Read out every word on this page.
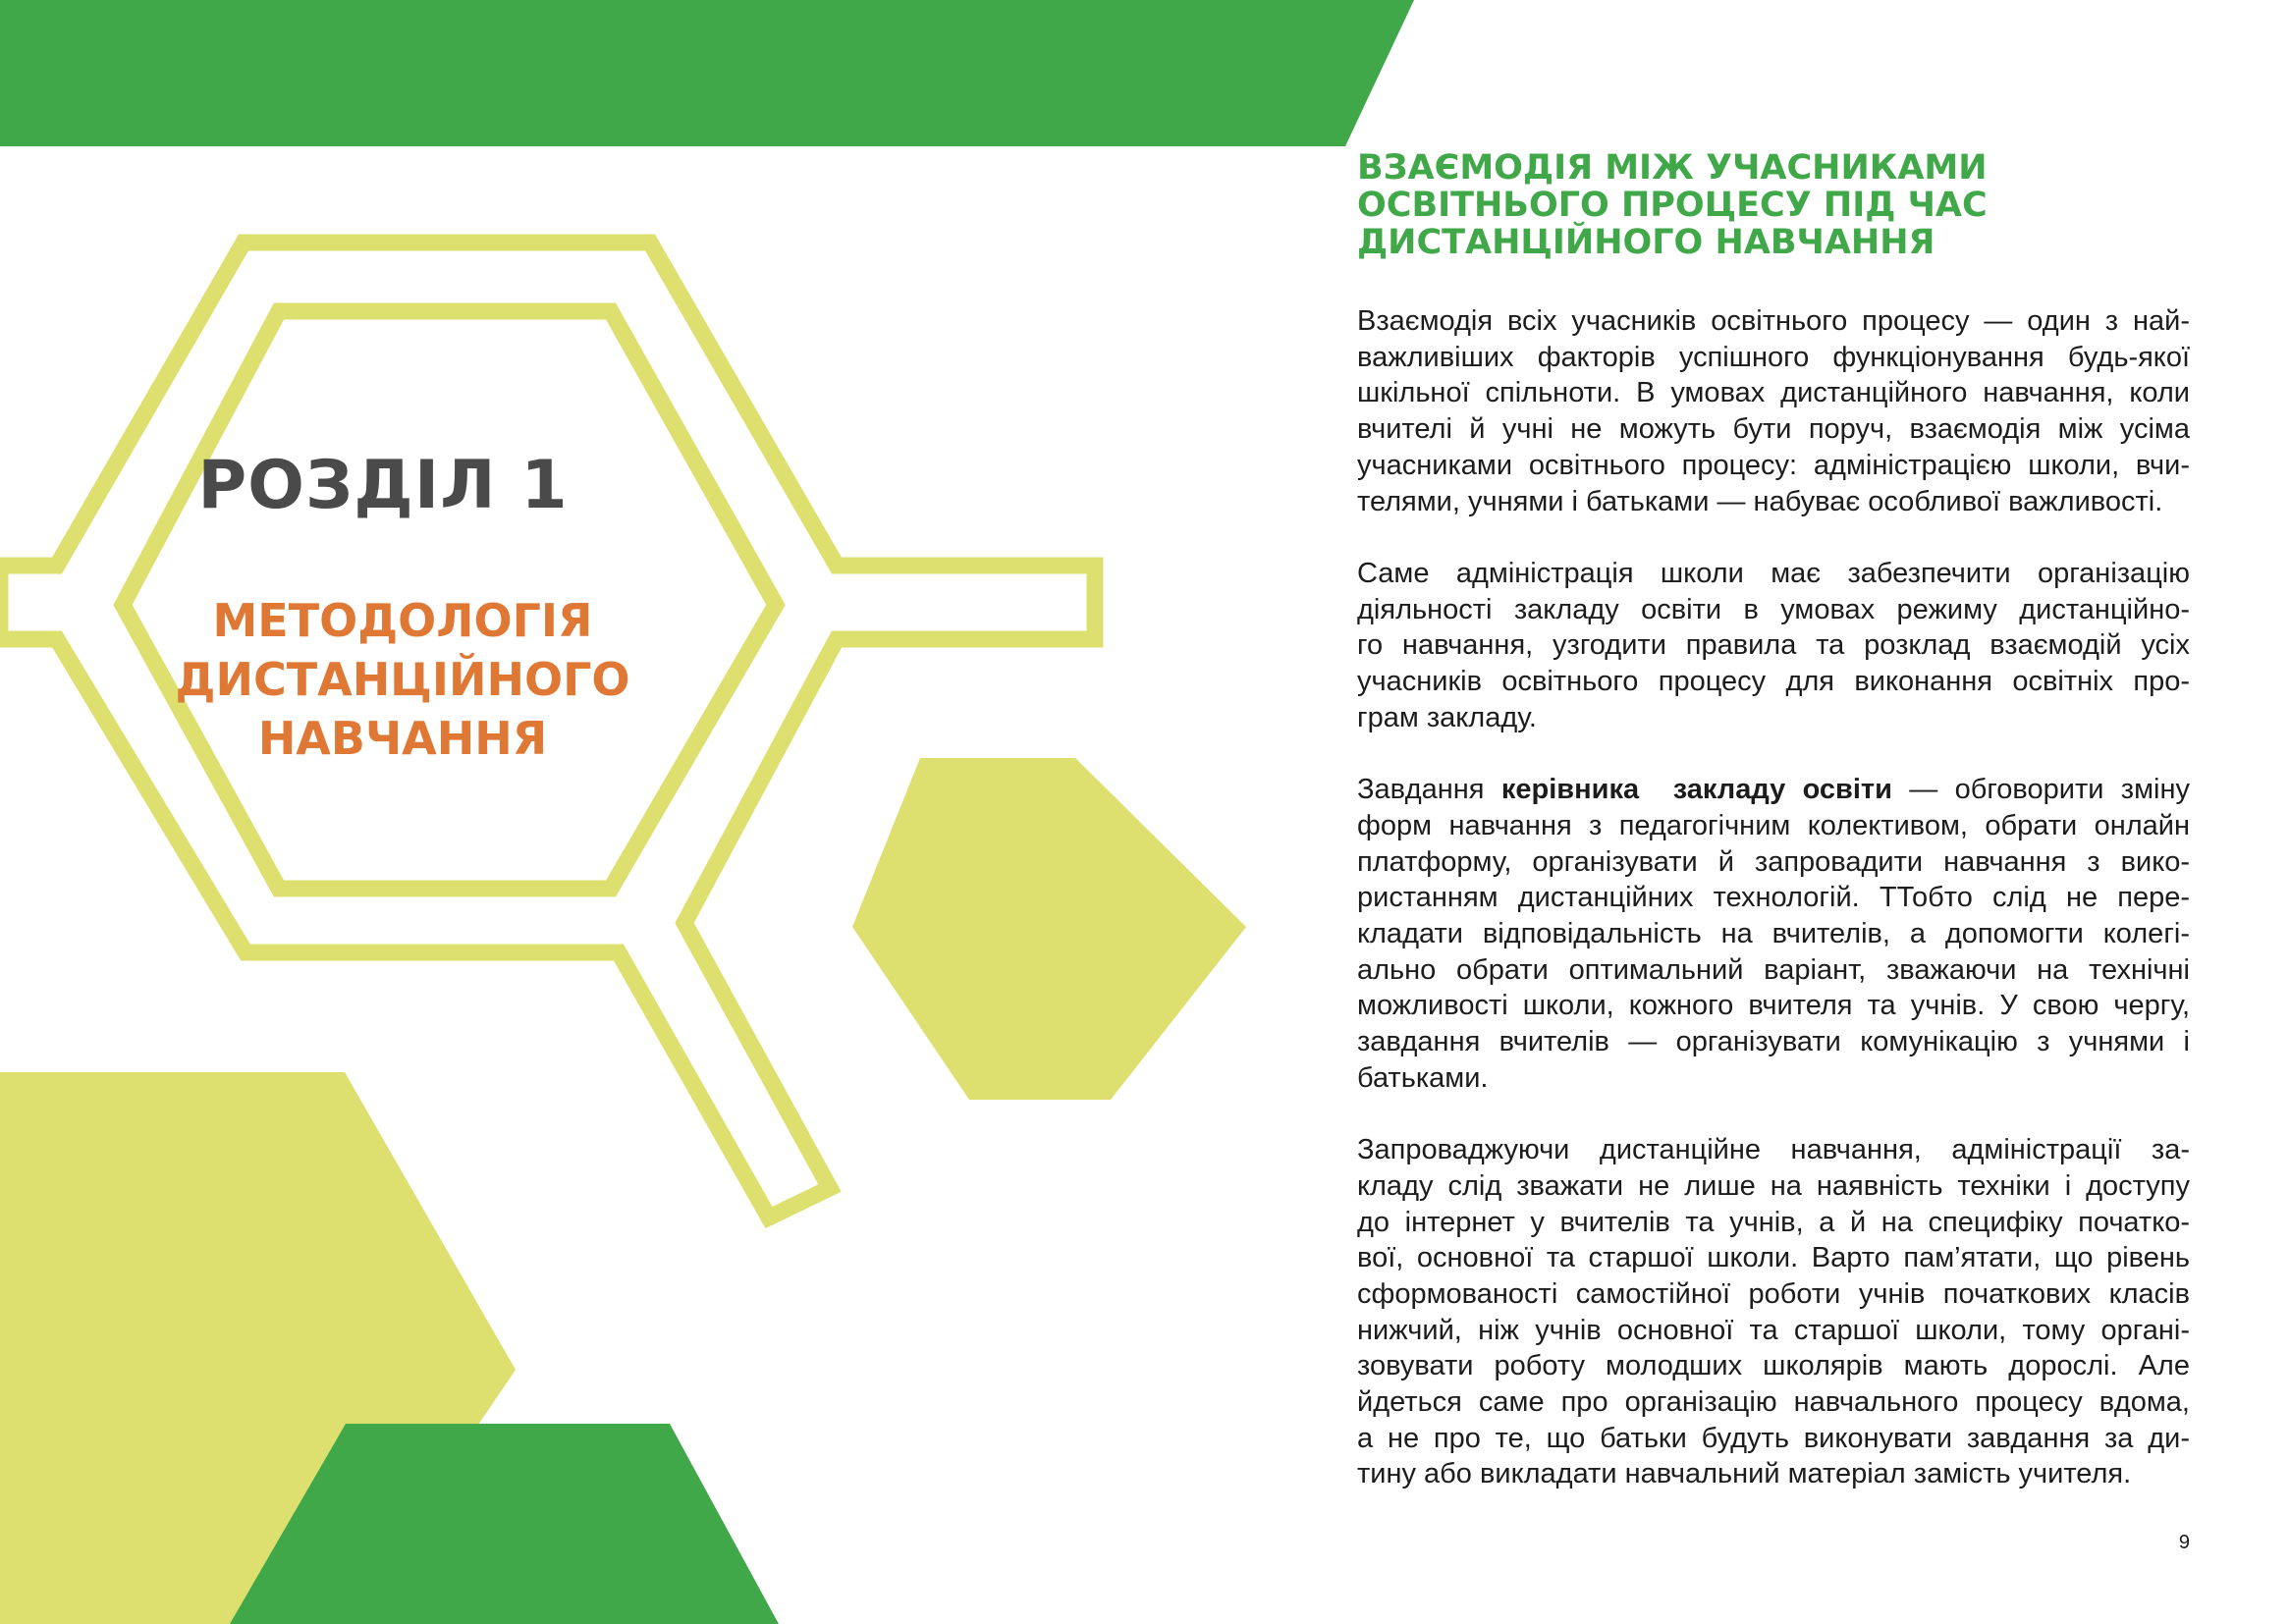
РОЗДІЛ 1
МЕТОДОЛОГІЯ
ДИСТАНЦІЙНОГО
НАВЧАННЯ
ВЗАЄМОДІЯ МІЖ УЧАСНИКАМИ
ОСВІТНЬОГО ПРОЦЕСУ ПІД ЧАС
ДИСТАНЦІЙНОГО НАВЧАННЯ

Взаємодія всіх учасників освітнього процесу — один з най-
важливіших факторів успішного функціонування будь-якої
шкільної спільноти. В умовах дистанційного навчання, коли
вчителі й учні не можуть бути поруч, взаємодія між усіма
учасниками освітнього процесу: адміністрацією школи, вчи-
телями, учнями і батьками — набуває особливої важливості.

Саме адміністрація школи має забезпечити організацію
діяльності закладу освіти в умовах режиму дистанційно-
го навчання, узгодити правила та розклад взаємодій усіх
учасників освітнього процесу для виконання освітніх про-
грам закладу.

Завдання керівника  закладу освіти — обговорити зміну
форм навчання з педагогічним колективом, обрати онлайн
платформу, організувати й запровадити навчання з вико-
ристанням дистанційних технологій. ТТобто слід не пере-
кладати відповідальність на вчителів, а допомогти колегі-
ально обрати оптимальний варіант, зважаючи на технічні
можливості школи, кожного вчителя та учнів. У свою чергу,
завдання вчителів — організувати комунікацію з учнями і
батьками.

Запроваджуючи дистанційне навчання, адміністрації за-
кладу слід зважати не лише на наявність техніки і доступу
до інтернет у вчителів та учнів, а й на специфіку початко-
вої, основної та старшої школи. Варто пам’ятати, що рівень
сформованості самостійної роботи учнів початкових класів
нижчий, ніж учнів основної та старшої школи, тому органі-
зовувати роботу молодших школярів мають дорослі. Але
йдеться саме про організацію навчального процесу вдома,
а не про те, що батьки будуть виконувати завдання за ди-
тину або викладати навчальний матеріал замість учителя.

9
